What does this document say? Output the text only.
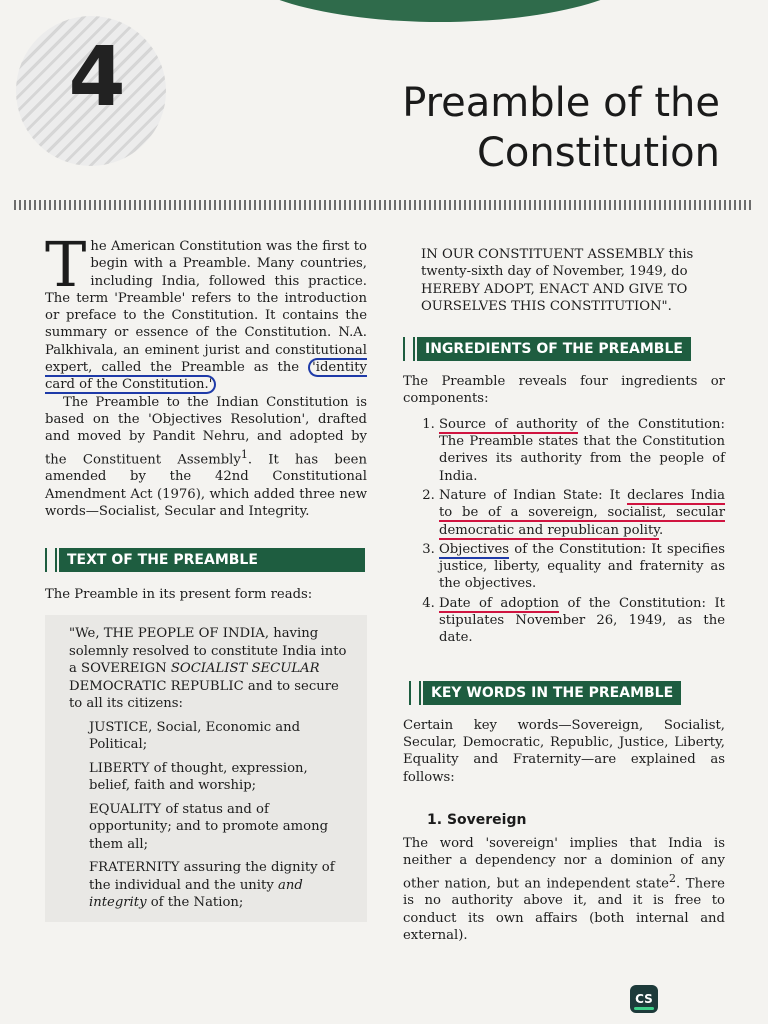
4	Preamble of the
Constitution

The American Constitution was the first to begin with a Preamble. Many countries, including India, followed this practice. The term 'Preamble' refers to the introduction or preface to the Constitution. It contains the summary or essence of the Constitution. N.A. Palkhivala, an eminent jurist and constitutional expert, called the Preamble as the 'identity card of the Constitution.'

The Preamble to the Indian Constitution is based on the 'Objectives Resolution', drafted and moved by Pandit Nehru, and adopted by the Constituent Assembly$^1$. It has been amended by the 42nd Constitutional Amendment Act (1976), which added three new words—Socialist, Secular and Integrity.

TEXT OF THE PREAMBLE

The Preamble in its present form reads:

"We, THE PEOPLE OF INDIA, having solemnly resolved to constitute India into a SOVEREIGN SOCIALIST SECULAR DEMOCRATIC REPUBLIC and to secure to all its citizens:

JUSTICE, Social, Economic and Political;

LIBERTY of thought, expression, belief, faith and worship;

EQUALITY of status and of opportunity; and to promote among them all;

FRATERNITY assuring the dignity of the individual and the unity and integrity of the Nation;

IN OUR CONSTITUENT ASSEMBLY this twenty-sixth day of November, 1949, do HEREBY ADOPT, ENACT AND GIVE TO OURSELVES THIS CONSTITUTION".

INGREDIENTS OF THE PREAMBLE

The Preamble reveals four ingredients or components:

1. Source of authority of the Constitution: The Preamble states that the Constitution derives its authority from the people of India.
2. Nature of Indian State: It declares India to be of a sovereign, socialist, secular democratic and republican polity.
3. Objectives of the Constitution: It specifies justice, liberty, equality and fraternity as the objectives.
4. Date of adoption of the Constitution: It stipulates November 26, 1949, as the date.
KEY WORDS IN THE PREAMBLE

Certain key words—Sovereign, Socialist, Secular, Democratic, Republic, Justice, Liberty, Equality and Fraternity—are explained as follows:

1. Sovereign

The word 'sovereign' implies that India is neither a dependency nor a dominion of any other nation, but an independent state$^2$. There is no authority above it, and it is free to conduct its own affairs (both internal and external).

CS
